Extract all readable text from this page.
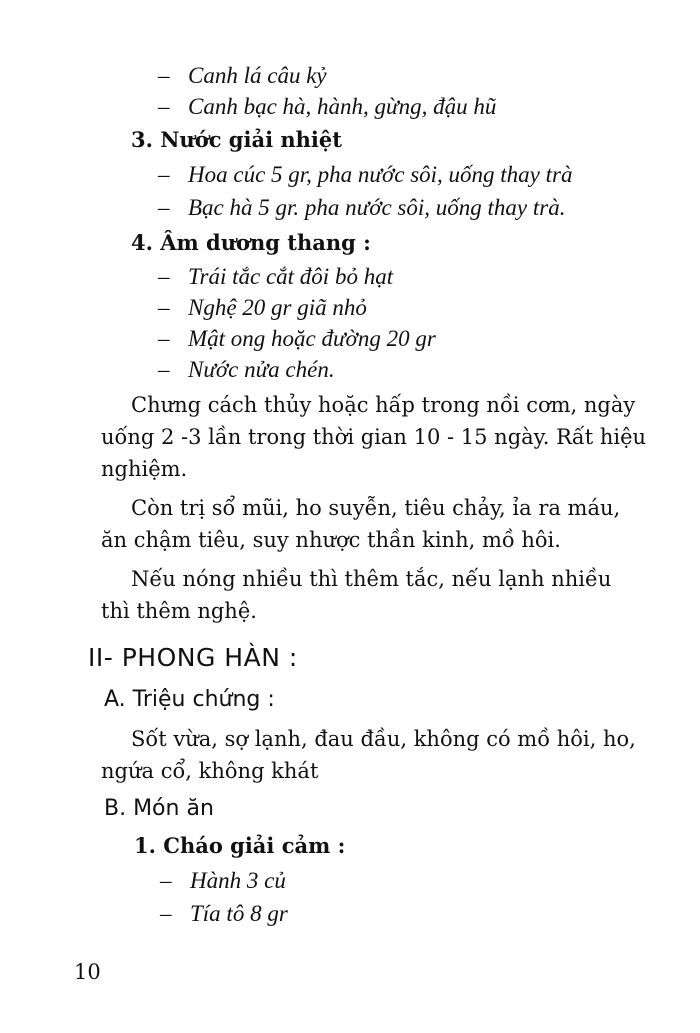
– Canh lá câu kỷ
– Canh bạc hà, hành, gừng, đậu hũ
3. Nước giải nhiệt
– Hoa cúc 5 gr, pha nước sôi, uống thay trà
– Bạc hà 5 gr. pha nước sôi, uống thay trà.
4. Âm dương thang :
– Trái tắc cắt đôi bỏ hạt
– Nghệ 20 gr giã nhỏ
– Mật ong hoặc đường 20 gr
– Nước nửa chén.
Chưng cách thủy hoặc hấp trong nồi cơm, ngày
uống 2 -3 lần trong thời gian 10 - 15 ngày. Rất hiệu
nghiệm.
Còn trị sổ mũi, ho suyễn, tiêu chảy, ỉa ra máu,
ăn chậm tiêu, suy nhược thần kinh, mồ hôi.
Nếu nóng nhiều thì thêm tắc, nếu lạnh nhiều
thì thêm nghệ.
II- PHONG HÀN :
A. Triệu chứng :
Sốt vừa, sợ lạnh, đau đầu, không có mồ hôi, ho,
ngứa cổ, không khát
B. Món ăn
1. Cháo giải cảm :
– Hành 3 củ
– Tía tô 8 gr
10
